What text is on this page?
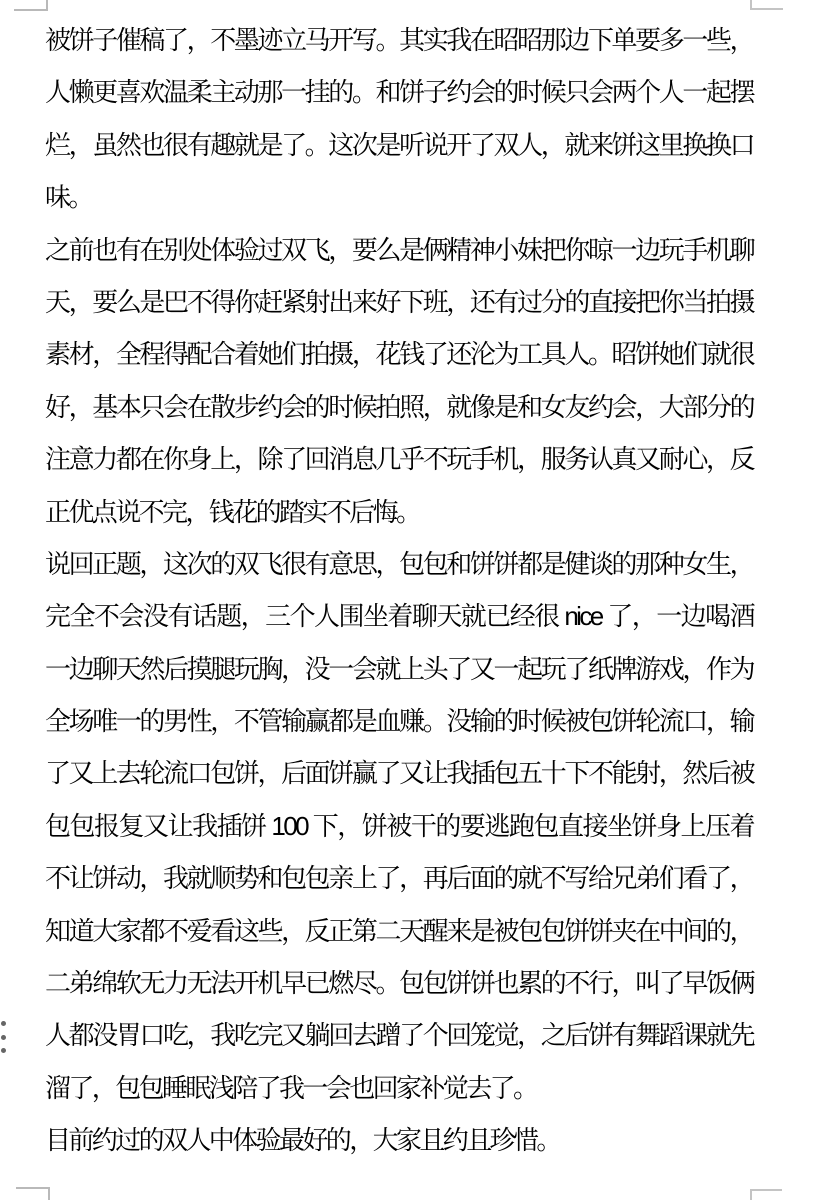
被饼子催稿了，不墨迹立马开写。其实我在昭昭那边下单要多一些，
人懒更喜欢温柔主动那一挂的。和饼子约会的时候只会两个人一起摆
烂，虽然也很有趣就是了。这次是听说开了双人，就来饼这里换换口
味。
之前也有在别处体验过双飞，要么是俩精神小妹把你晾一边玩手机聊
天，要么是巴不得你赶紧射出来好下班，还有过分的直接把你当拍摄
素材，全程得配合着她们拍摄，花钱了还沦为工具人。昭饼她们就很
好，基本只会在散步约会的时候拍照，就像是和女友约会，大部分的
注意力都在你身上，除了回消息几乎不玩手机，服务认真又耐心，反
正优点说不完，钱花的踏实不后悔。
说回正题，这次的双飞很有意思，包包和饼饼都是健谈的那种女生，
完全不会没有话题，三个人围坐着聊天就已经很 nice 了，一边喝酒
一边聊天然后摸腿玩胸，没一会就上头了又一起玩了纸牌游戏，作为
全场唯一的男性，不管输赢都是血赚。没输的时候被包饼轮流口，输
了又上去轮流口包饼，后面饼赢了又让我插包五十下不能射，然后被
包包报复又让我插饼 100 下，饼被干的要逃跑包直接坐饼身上压着
不让饼动，我就顺势和包包亲上了，再后面的就不写给兄弟们看了，
知道大家都不爱看这些，反正第二天醒来是被包包饼饼夹在中间的，
二弟绵软无力无法开机早已燃尽。包包饼饼也累的不行，叫了早饭俩
人都没胃口吃，我吃完又躺回去蹭了个回笼觉，之后饼有舞蹈课就先
溜了，包包睡眠浅陪了我一会也回家补觉去了。
目前约过的双人中体验最好的，大家且约且珍惜。
